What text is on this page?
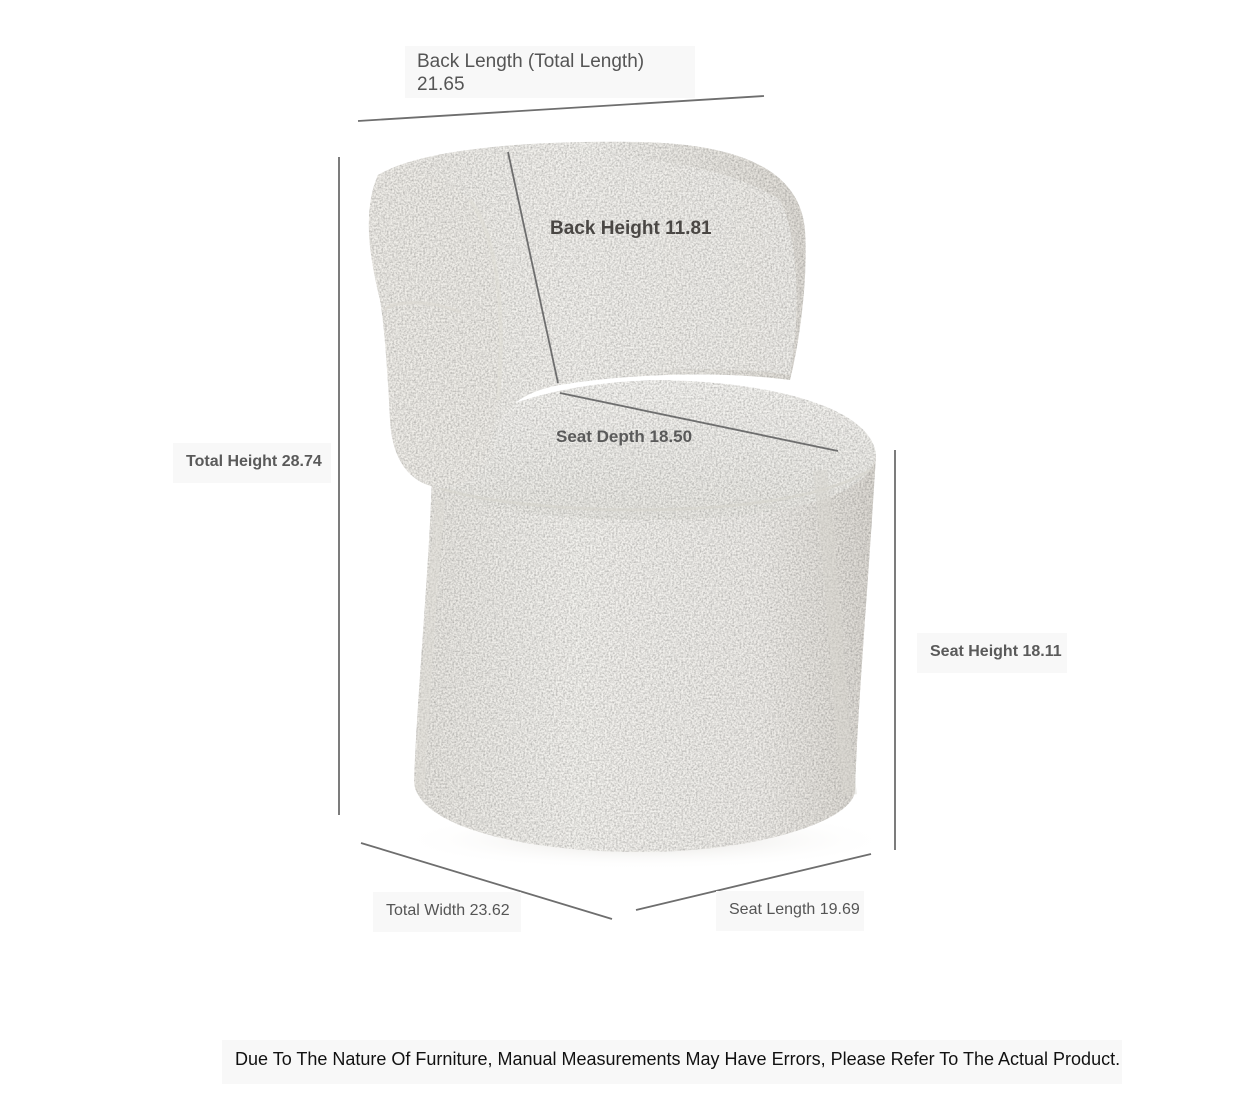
Back Length (Total Length)
21.65
Back Height 11.81
Seat Depth 18.50
Total Height 28.74
Seat Height 18.11
Total Width 23.62	Seat Length 19.69
Due To The Nature Of Furniture, Manual Measurements May Have Errors, Please Refer To The Actual Product.
